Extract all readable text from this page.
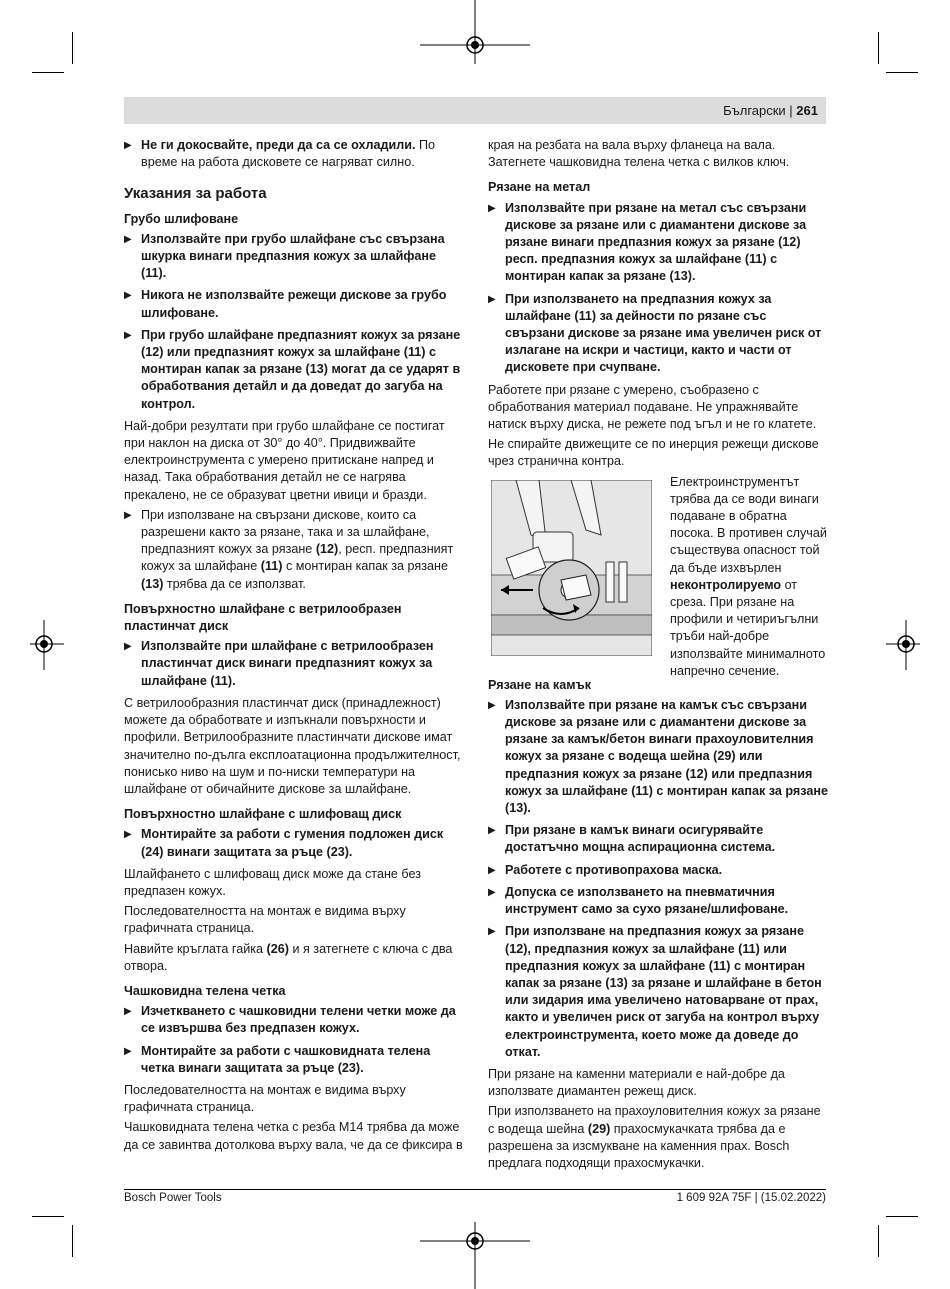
Български | 261
▶ Не ги докосвайте, преди да са се охладили. По време на работа дисковете се нагряват силно.
Указания за работа
Грубо шлифоване
▶ Използвайте при грубо шлайфане със свързана шкурка винаги предпазния кожух за шлайфане (11).
▶ Никога не използвайте режещи дискове за грубо шлифоване.
▶ При грубо шлайфане предпазният кожух за рязане (12) или предпазният кожух за шлайфане (11) с монтиран капак за рязане (13) могат да се ударят в обработвания детайл и да доведат до загуба на контрол.

Най-добри резултати при грубо шлайфане се постигат при наклон на диска от 30° до 40°. Придвижвайте електроинструмента с умерено притискане напред и назад. Така обработвания детайл не се нагрява прекалено, не се образуват цветни ивици и бразди.

▶ При използване на свързани дискове, които са разрешени както за рязане, така и за шлайфане, предпазният кожух за рязане (12), респ. предпазният кожух за шлайфане (11) с монтиран капак за рязане (13) трябва да се използват.
Повърхностно шлайфане с ветрилообразен пластинчат диск
▶ Използвайте при шлайфане с ветрилообразен пластинчат диск винаги предпазният кожух за шлайфане (11).

С ветрилообразния пластинчат диск (принадлежност) можете да обработвате и изпъкнали повърхности и профили. Ветрилообразните пластинчати дискове имат значително по-дълга експлоатационна продължителност, понисько ниво на шум и по-ниски температури на шлайфане от обичайните дискове за шлайфане.

Повърхностно шлайфане с шлифоващ диск
▶ Монтирайте за работи с гумения подложен диск (24) винаги защитата за ръце (23).

Шлайфането с шлифоващ диск може да стане без предпазен кожух.

Последователността на монтаж е видима върху графичната страница.

Навийте кръглата гайка (26) и я затегнете с ключа с два отвора.

Чашковидна телена четка
▶ Изчеткването с чашковидни телени четки може да се извършва без предпазен кожух.
▶ Монтирайте за работи с чашковидната телена четка винаги защитата за ръце (23).

Последователността на монтаж е видима върху графичната страница.

Чашковидната телена четка с резба M14 трябва да може да се завинтва дотолкова върху вала, че да се фиксира в

края на резбата на вала върху фланеца на вала. Затегнете чашковидна телена четка с вилков ключ.

Рязане на метал
▶ Използвайте при рязане на метал със свързани дискове за рязане или с диамантени дискове за рязане винаги предпазния кожух за рязане (12) респ. предпазния кожух за шлайфане (11) с монтиран капак за рязане (13).
▶ При използването на предпазния кожух за шлайфане (11) за дейности по рязане със свързани дискове за рязане има увеличен риск от излагане на искри и частици, както и части от дисковете при счупване.

Работете при рязане с умерено, съобразено с обработвания материал подаване. Не упражнявайте натиск върху диска, не режете под ъгъл и не го клатете.

Не спирайте движещите се по инерция режещи дискове чрез странична контра.

Електроинструментът трябва да се води винаги подаване в обратна посока. В противен случай съществува опасност той да бъде изхвърлен неконтролируемо от среза. При рязане на профили и четириъгълни тръби най-добре използвайте минималното напречно сечение.
Рязане на камък
▶ Използвайте при рязане на камък със свързани дискове за рязане или с диамантени дискове за рязане за камък/бетон винаги прахоуловителния кожух за рязане с водеща шейна (29) или предпазния кожух за рязане (12) или предпазния кожух за шлайфане (11) с монтиран капак за рязане (13).
▶ При рязане в камък винаги осигурявайте достатъчно мощна аспирационна система.
▶ Работете с противопрахова маска.
▶ Допуска се използването на пневматичния инструмент само за сухо рязане/шлифоване.
▶ При използване на предпазния кожух за рязане (12), предпазния кожух за шлайфане (11) или предпазния кожух за шлайфане (11) с монтиран капак за рязане (13) за рязане и шлайфане в бетон или зидария има увеличено натоварване от прах, както и увеличен риск от загуба на контрол върху електроинструмента, което може да доведе до откат.

При рязане на каменни материали е най-добре да използвате диамантен режещ диск.

При използването на прахоуловителния кожух за рязане с водеща шейна (29) прахосмукачката трябва да е разрешена за изсмукване на каменния прах. Bosch предлага подходящи прахосмукачки.

Bosch Power Tools	1 609 92A 75F | (15.02.2022)
